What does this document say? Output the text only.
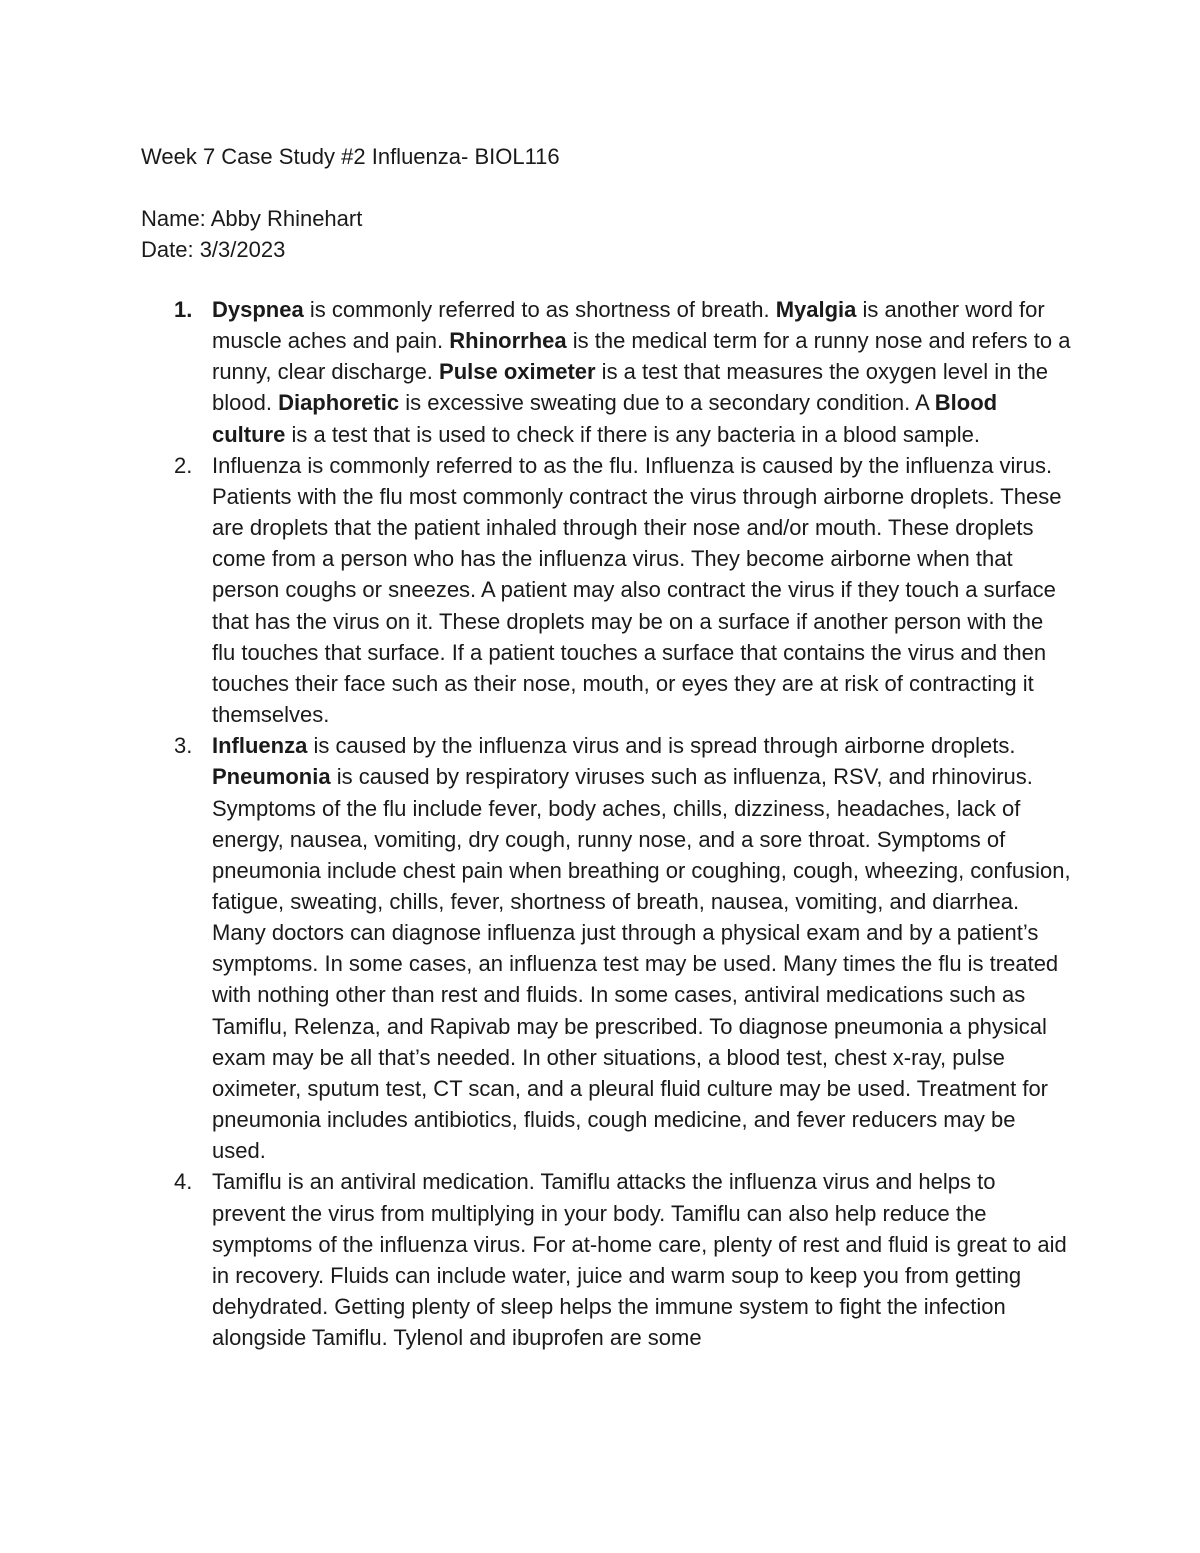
Week 7 Case Study #2 Influenza- BIOL116
Name: Abby Rhinehart
Date: 3/3/2023
1. Dyspnea is commonly referred to as shortness of breath. Myalgia is another word for muscle aches and pain. Rhinorrhea is the medical term for a runny nose and refers to a runny, clear discharge. Pulse oximeter is a test that measures the oxygen level in the blood. Diaphoretic is excessive sweating due to a secondary condition. A Blood culture is a test that is used to check if there is any bacteria in a blood sample.
2. Influenza is commonly referred to as the flu. Influenza is caused by the influenza virus. Patients with the flu most commonly contract the virus through airborne droplets. These are droplets that the patient inhaled through their nose and/or mouth. These droplets come from a person who has the influenza virus. They become airborne when that person coughs or sneezes. A patient may also contract the virus if they touch a surface that has the virus on it. These droplets may be on a surface if another person with the flu touches that surface. If a patient touches a surface that contains the virus and then touches their face such as their nose, mouth, or eyes they are at risk of contracting it themselves.
3. Influenza is caused by the influenza virus and is spread through airborne droplets. Pneumonia is caused by respiratory viruses such as influenza, RSV, and rhinovirus. Symptoms of the flu include fever, body aches, chills, dizziness, headaches, lack of energy, nausea, vomiting, dry cough, runny nose, and a sore throat. Symptoms of pneumonia include chest pain when breathing or coughing, cough, wheezing, confusion, fatigue, sweating, chills, fever, shortness of breath, nausea, vomiting, and diarrhea. Many doctors can diagnose influenza just through a physical exam and by a patient’s symptoms. In some cases, an influenza test may be used. Many times the flu is treated with nothing other than rest and fluids. In some cases, antiviral medications such as Tamiflu, Relenza, and Rapivab may be prescribed. To diagnose pneumonia a physical exam may be all that’s needed. In other situations, a blood test, chest x-ray, pulse oximeter, sputum test, CT scan, and a pleural fluid culture may be used. Treatment for pneumonia includes antibiotics, fluids, cough medicine, and fever reducers may be used.
4. Tamiflu is an antiviral medication. Tamiflu attacks the influenza virus and helps to prevent the virus from multiplying in your body. Tamiflu can also help reduce the symptoms of the influenza virus. For at-home care, plenty of rest and fluid is great to aid in recovery. Fluids can include water, juice and warm soup to keep you from getting dehydrated. Getting plenty of sleep helps the immune system to fight the infection alongside Tamiflu. Tylenol and ibuprofen are some
